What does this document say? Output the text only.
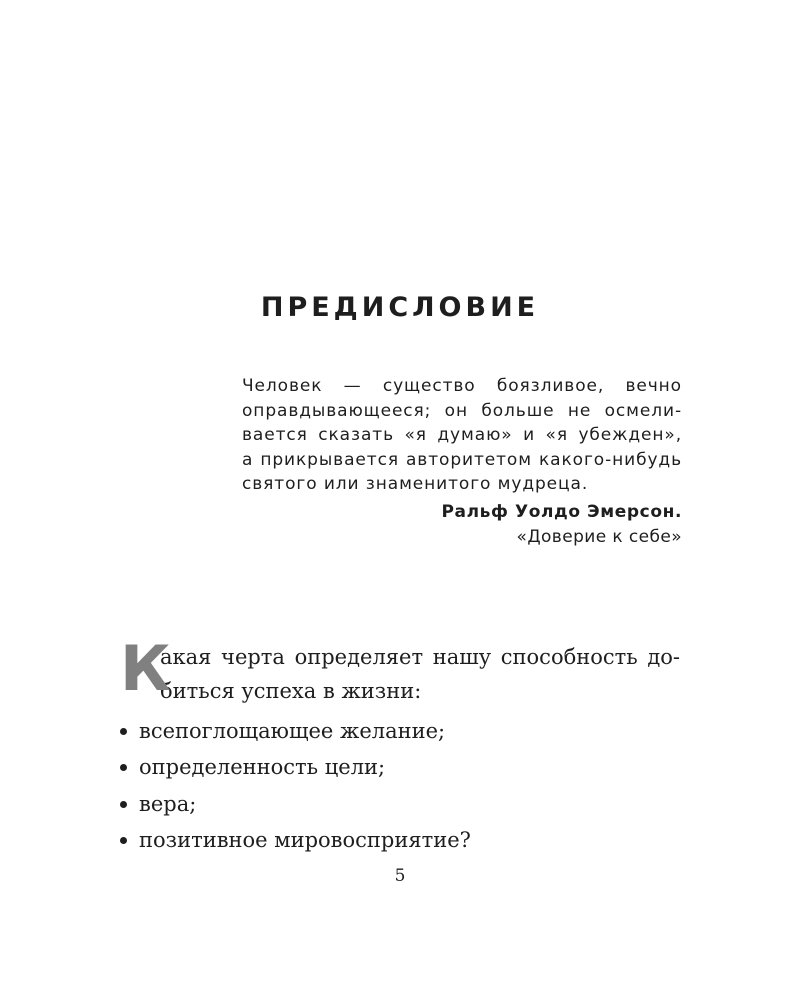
ПРЕДИСЛОВИЕ
Человек — существо боязливое, вечно
оправдывающееся; он больше не осмели-
вается сказать «я думаю» и «я убежден»,
а прикрывается авторитетом какого-нибудь
святого или знаменитого мудреца.
Ральф Уолдо Эмерсон.
«Доверие к себе»
К
акая черта определяет нашу способность до-
биться успеха в жизни:
всепоглощающее желание;
определенность цели;
вера;
позитивное мировосприятие?
5
